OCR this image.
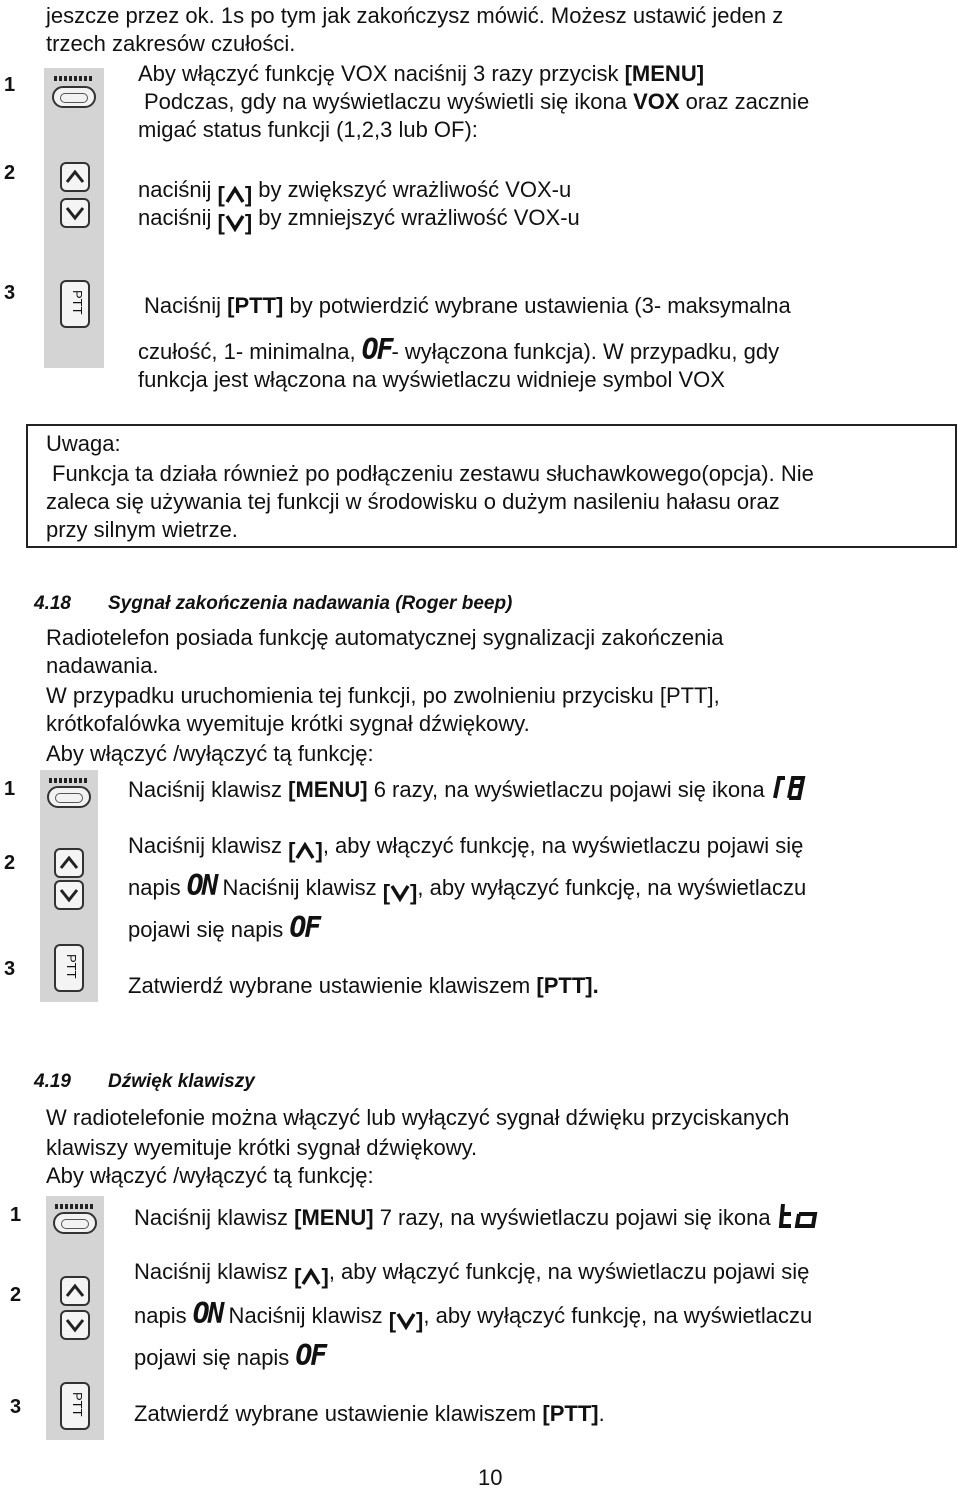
jeszcze przez ok. 1s po tym jak zakończysz mówić. Możesz ustawić jeden z
trzech zakresów czułości.
1
2
3	PTT
Aby włączyć funkcję VOX naciśnij 3 razy przycisk [MENU]
Podczas, gdy na wyświetlaczu wyświetli się ikona VOX oraz zacznie
migać status funkcji (1,2,3 lub OF):
naciśnij [ ] by zwiększyć wrażliwość VOX-u
naciśnij [ ] by zmniejszyć wrażliwość VOX-u
Naciśnij [PTT] by potwierdzić wybrane ustawienia (3- maksymalna
czułość, 1- minimalna, OF- wyłączona funkcja). W przypadku, gdy
funkcja jest włączona na wyświetlaczu widnieje symbol VOX
Uwaga:
Funkcja ta działa również po podłączeniu zestawu słuchawkowego(opcja). Nie
zaleca się używania tej funkcji w środowisku o dużym nasileniu hałasu oraz
przy silnym wietrze.
4.18 Sygnał zakończenia nadawania (Roger beep)
Radiotelefon posiada funkcję automatycznej sygnalizacji zakończenia
nadawania.
W przypadku uruchomienia tej funkcji, po zwolnieniu przycisku [PTT],
krótkofalówka wyemituje krótki sygnał dźwiękowy.
Aby włączyć /wyłączyć tą funkcję:
1
2
3	PTT
Naciśnij klawisz [MENU] 6 razy, na wyświetlaczu pojawi się ikona
Naciśnij klawisz [ ], aby włączyć funkcję, na wyświetlaczu pojawi się
napis ON Naciśnij klawisz [ ], aby wyłączyć funkcję, na wyświetlaczu
pojawi się napis OF
Zatwierdź wybrane ustawienie klawiszem [PTT].
4.19 Dźwięk klawiszy
W radiotelefonie można włączyć lub wyłączyć sygnał dźwięku przyciskanych
klawiszy wyemituje krótki sygnał dźwiękowy.
Aby włączyć /wyłączyć tą funkcję:
1
2
3	PTT
Naciśnij klawisz [MENU] 7 razy, na wyświetlaczu pojawi się ikona
Naciśnij klawisz [ ], aby włączyć funkcję, na wyświetlaczu pojawi się
napis ON Naciśnij klawisz [ ], aby wyłączyć funkcję, na wyświetlaczu
pojawi się napis OF
Zatwierdź wybrane ustawienie klawiszem [PTT].
10
